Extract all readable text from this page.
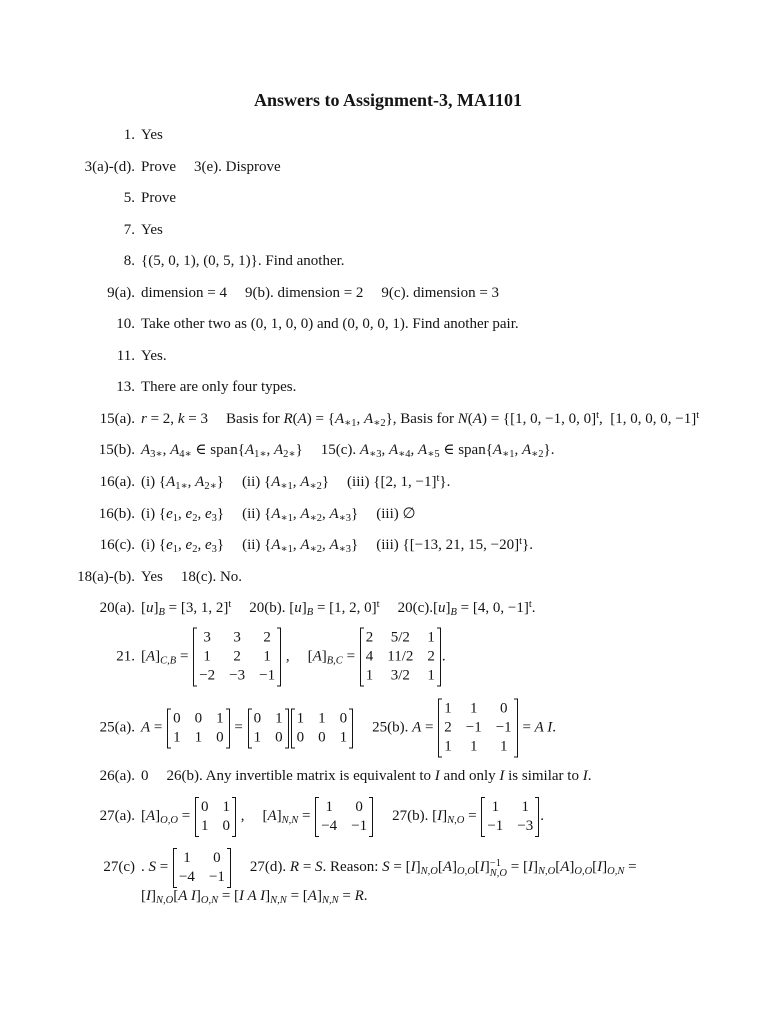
Answers to Assignment-3, MA1101
1. Yes
3(a)-(d). Prove 3(e). Disprove
5. Prove
7. Yes
8. {(5, 0, 1), (0, 5, 1)}. Find another.
9(a). dimension = 4 9(b). dimension = 2 9(c). dimension = 3
10. Take other two as (0, 1, 0, 0) and (0, 0, 0, 1). Find another pair.
11. Yes.
13. There are only four types.
15(a). r = 2, k = 3 Basis for $R(A) = \{A_{∗1}$, $A_{∗2}$}, Basis for N(A) = {[1, 0, −1, 0, 0]$^t$,  [1, 0, 0, 0, −1]$^t$
15(b). $A_{3∗}$, $A_{4∗}$ ∈ $span\{A_{1∗}$, $A_{2∗}$} 15(c). $A_{∗3}$, $A_{∗4}$, $A_{∗5}$ ∈ $span\{A_{∗1}$, $A_{∗2}$}.
16(a). (i) {$A_{1∗}$, $A_{2∗}$} (ii) {$A_{∗1}$, $A_{∗2}$} (iii) {[2, 1, −1]$^t$}.
16(b). (i) {$e_1$, $e_2$, $e_3$} (ii) {$A_{∗1}$, $A_{∗2}$, $A_{∗3}$} (iii) ∅
16(c). (i) {$e_1$, $e_2$, $e_3$} (ii) {$A_{∗1}$, $A_{∗2}$, $A_{∗3}$} (iii) {[−13, 21, 15, −20]$^t$}.
18(a)-(b). Yes 18(c). No.
20(a). $[u]_B = [3$, 1, 2]$^t$ 20(b). $[u]_B = [1$, 2, 0]$^t$ $20(c).[u]_B = [4$, 0, −1]$^t$.
21. $[A]_{C,B}$ =
3	3	2
1	2	1
−2 −3 −1
, $[A]_{B,C}$ =
2	5/2	1
4 11/2 2
1	3/2	1
.
25(a). A =
0 0 1
1 1 0
=
0 1
1 0
1 1 0
0 0 1
25(b). A =
1	1	0
2 −1 −1
1	1	1
= A I.
26(a). 0 26(b). Any invertible matrix is equivalent to I and only I is similar to I.
27(a). $[A]_{O,O}$ =
0 1
1 0
, $[A]_{N,N}$ =
1	0
−4 −1
27(b). $[I]_{N,O}$ =
1	1
−1 −3
.
27(c) . S =
1	0
−4 −1
27(d). R = S. Reason: $S = [I]_{N,O}[A]_{O,O}[I] -1$
$N,O = [I]_{N,O}[A]_{O,O}[I]_{O,N}$ =
$[I]_{N,O}[A$ $I]_{O,N} = [I$ A $I]_{N,N} = [A]_{N,N} = R$.
